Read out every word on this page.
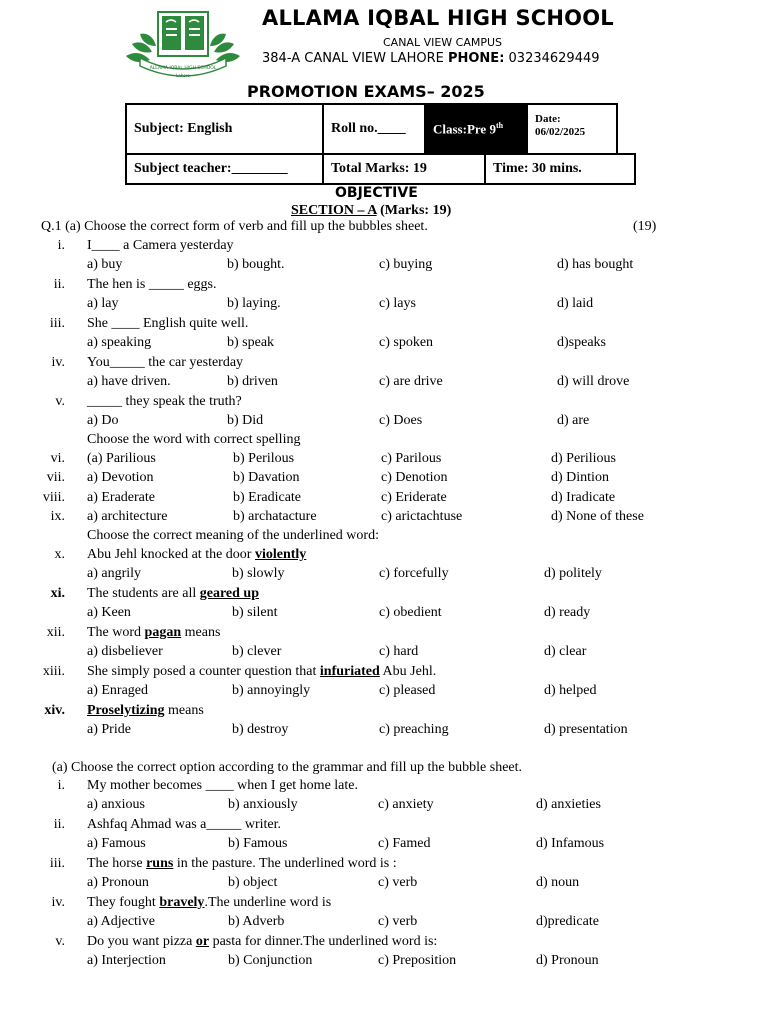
ALLAMA IQBAL HIGH SCHOOL
Lahore
ALLAMA IQBAL HIGH SCHOOL
CANAL VIEW CAMPUS
384-A CANAL VIEW LAHORE PHONE: 03234629449
PROMOTION EXAMS– 2025
Subject: English	Roll no.____ Class:Pre 9th
Date:
06/02/2025
Subject teacher:________	Total Marks: 19	Time: 30 mins.
OBJECTIVE
SECTION – A (Marks: 19)
Q.1 (a) Choose the correct form of verb and fill up the bubbles sheet.	(19)
i. I____ a Camera yesterday
a) buy	b) bought.	c) buying	d) has bought
ii. The hen is _____ eggs.
a) lay	b) laying.	c) lays	d) laid
iii. She ____ English quite well.
a) speaking	b) speak	c) spoken	d)speaks
iv. You_____ the car yesterday
a) have driven.	b) driven	c) are drive	d) will drove
v. _____ they speak the truth?
a) Do	b) Did	c) Does	d) are
Choose the word with correct spelling
vi. (a) Parilious	b) Perilous	c) Parilous	d) Perilious
vii. a) Devotion	b) Davation	c) Denotion	d) Dintion
viii. a) Eraderate	b) Eradicate	c) Eriderate	d) Iradicate
ix. a) architecture	b) archatacture	c) arictachtuse	d) None of these
Choose the correct meaning of the underlined word:
x. Abu Jehl knocked at the door violently
a) angrily	b) slowly	c) forcefully	d) politely
xi. The students are all geared up
a) Keen	b) silent	c) obedient	d) ready
xii. The word pagan means
a) disbeliever	b) clever	c) hard	d) clear
xiii. She simply posed a counter question that infuriated Abu Jehl.
a) Enraged	b) annoyingly	c) pleased	d) helped
xiv. Proselytizing means
a) Pride	b) destroy	c) preaching	d) presentation
(a) Choose the correct option according to the grammar and fill up the bubble sheet.
i. My mother becomes ____ when I get home late.
a) anxious	b) anxiously	c) anxiety	d) anxieties
ii. Ashfaq Ahmad was a_____ writer.
a) Famous	b) Famous	c) Famed	d) Infamous
iii. The horse runs in the pasture. The underlined word is :
a) Pronoun	b) object	c) verb	d) noun
iv. They fought bravely.The underline word is
a) Adjective	b) Adverb	c) verb	d)predicate
v. Do you want pizza or pasta for dinner.The underlined word is:
a) Interjection	b) Conjunction	c) Preposition	d) Pronoun
